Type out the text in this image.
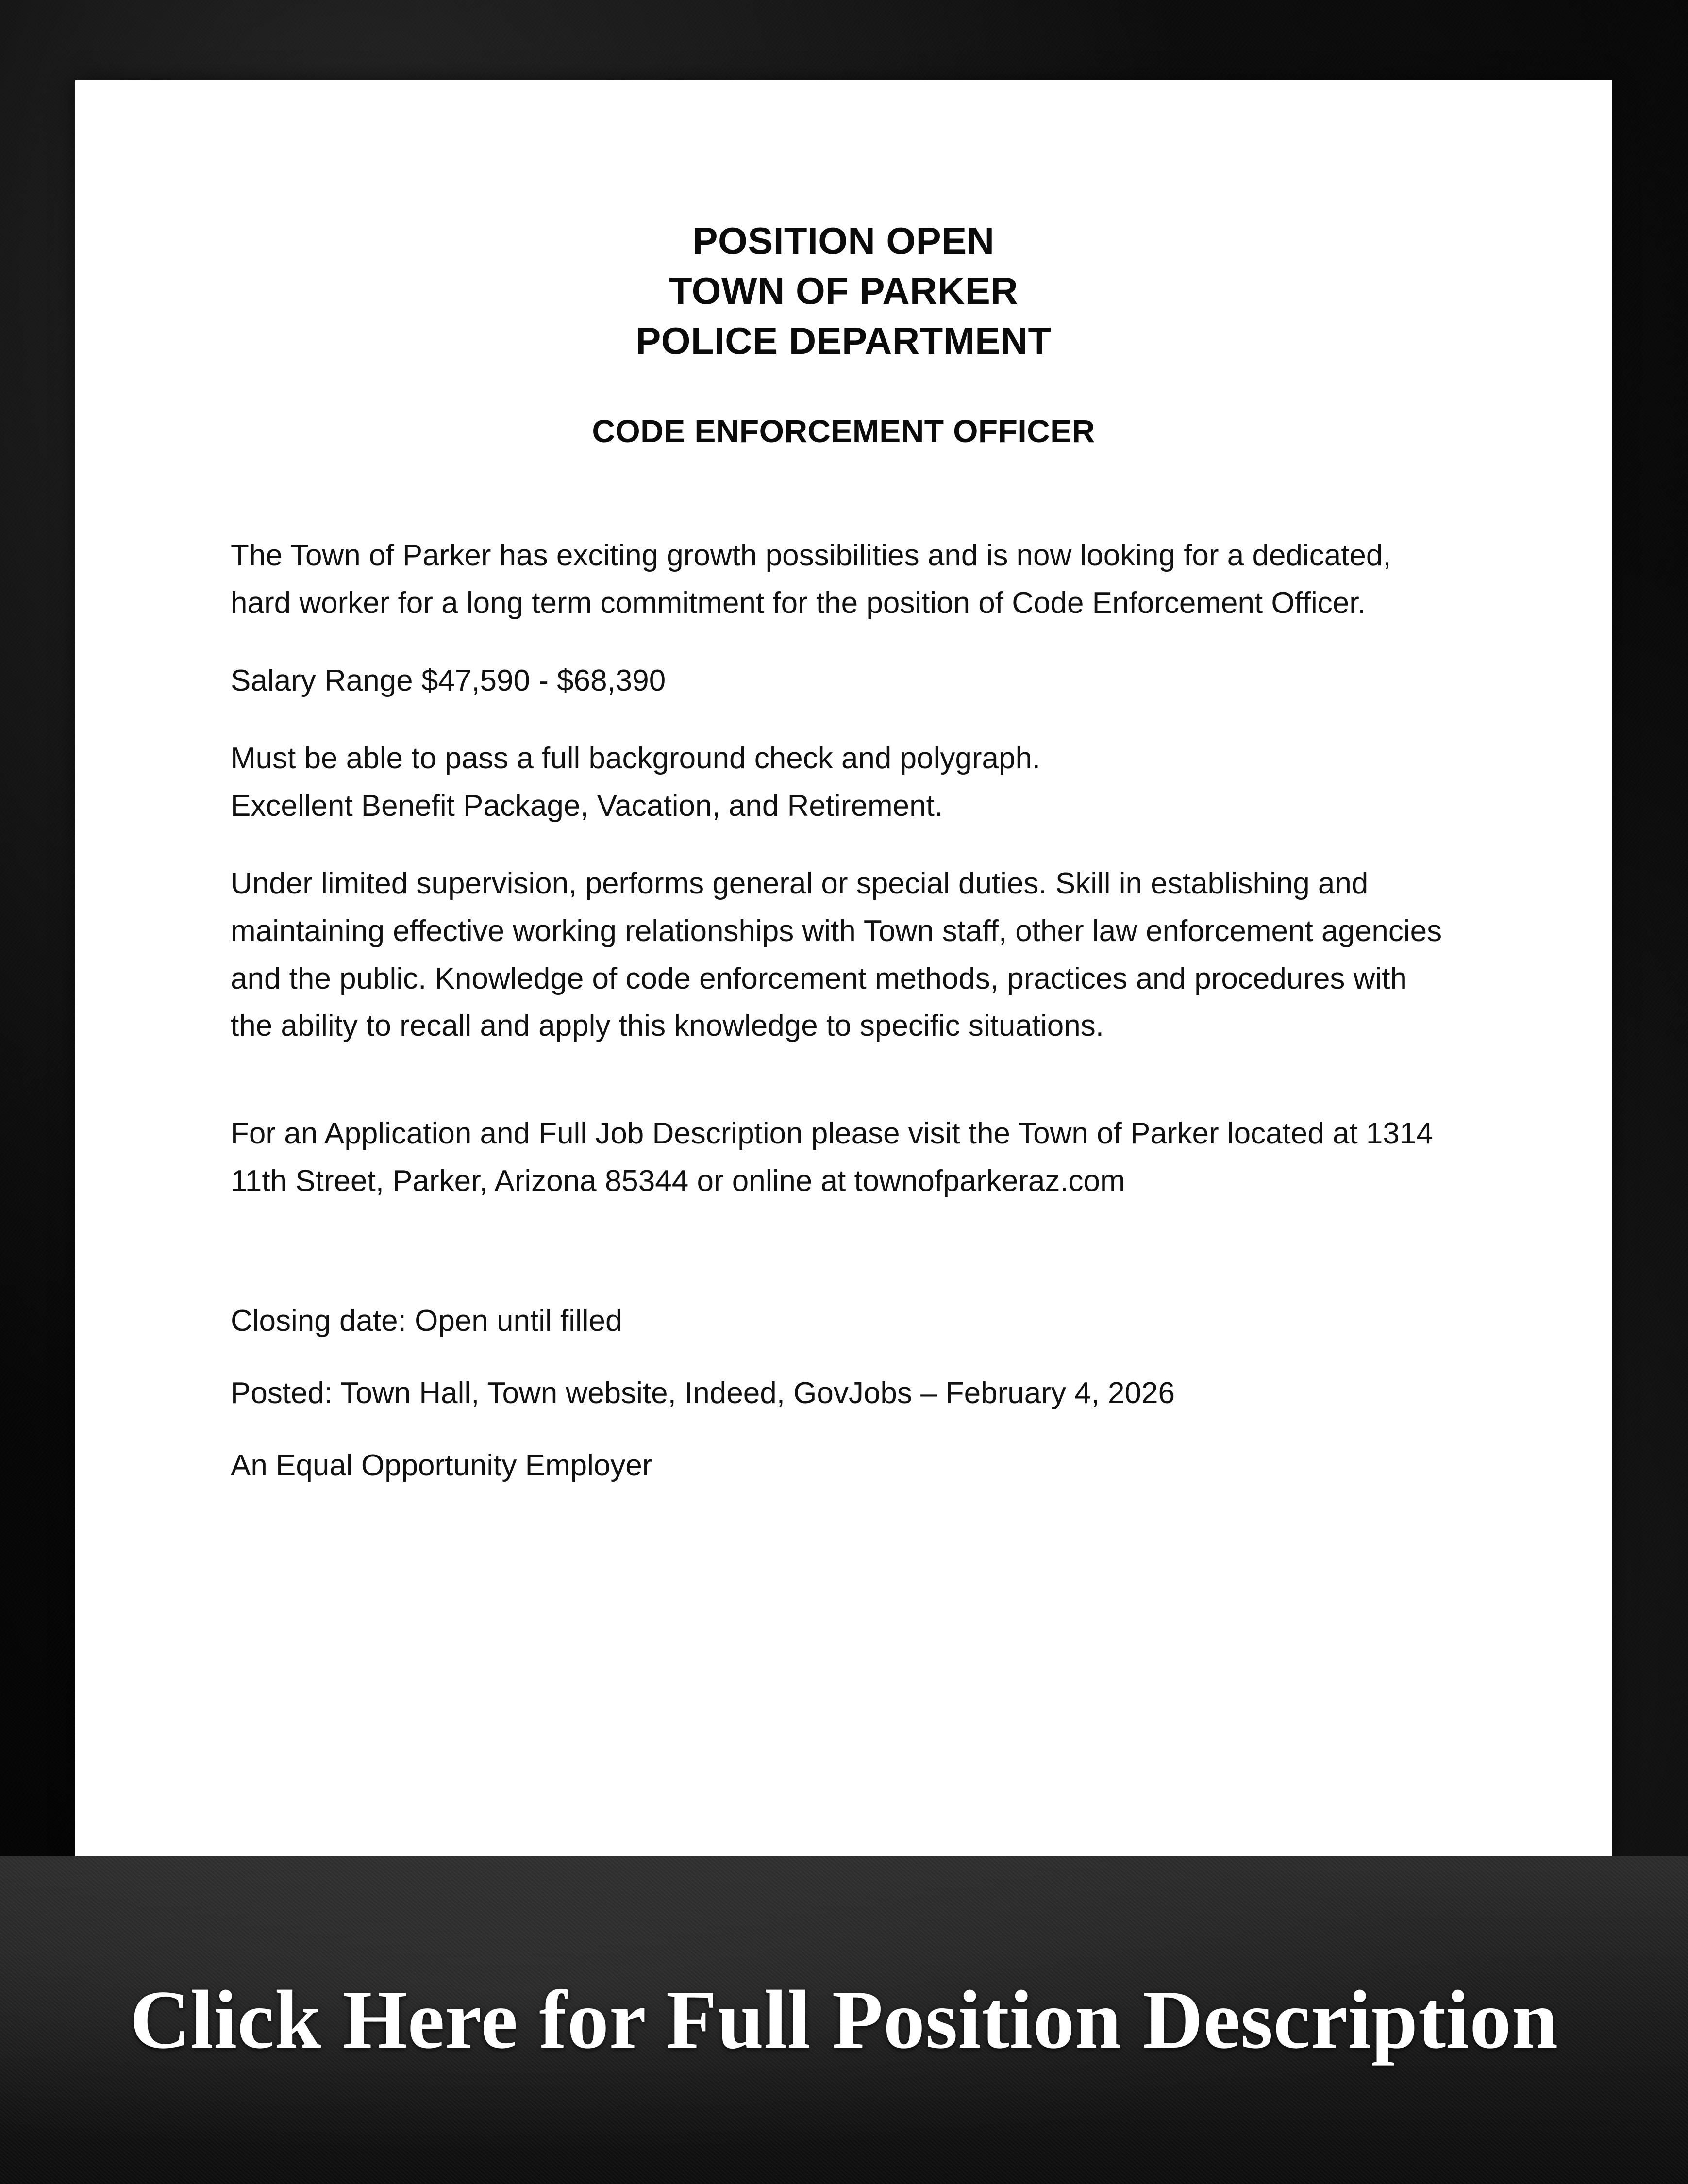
POSITION OPEN
TOWN OF PARKER
POLICE DEPARTMENT
CODE ENFORCEMENT OFFICER

The Town of Parker has exciting growth possibilities and is now looking for a dedicated, hard worker for a long term commitment for the position of Code Enforcement Officer.

Salary Range $47,590 - $68,390

Must be able to pass a full background check and polygraph.

Excellent Benefit Package, Vacation, and Retirement.

Under limited supervision, performs general or special duties. Skill in establishing and maintaining effective working relationships with Town staff, other law enforcement agencies and the public. Knowledge of code enforcement methods, practices and procedures with the ability to recall and apply this knowledge to specific situations.

For an Application and Full Job Description please visit the Town of Parker located at 1314 11th Street, Parker, Arizona 85344 or online at townofparkeraz.com

Closing date: Open until filled

Posted: Town Hall, Town website, Indeed, GovJobs – February 4, 2026

An Equal Opportunity Employer

Click Here for Full Position Description
